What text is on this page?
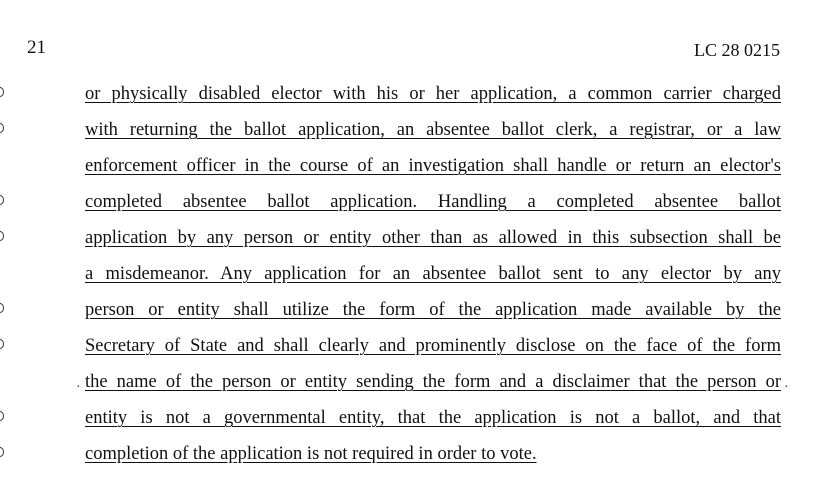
21	LC 28 0215
·	·
or physically disabled elector with his or her application, a common carrier charged
with returning the ballot application, an absentee ballot clerk, a registrar, or a law
enforcement officer in the course of an investigation shall handle or return an elector's
completed absentee ballot application. Handling a completed absentee ballot
application by any person or entity other than as allowed in this subsection shall be
a misdemeanor. Any application for an absentee ballot sent to any elector by any
person or entity shall utilize the form of the application made available by the
Secretary of State and shall clearly and prominently disclose on the face of the form
the name of the person or entity sending the form and a disclaimer that the person or
entity is not a governmental entity, that the application is not a ballot, and that
completion of the application is not required in order to vote.
